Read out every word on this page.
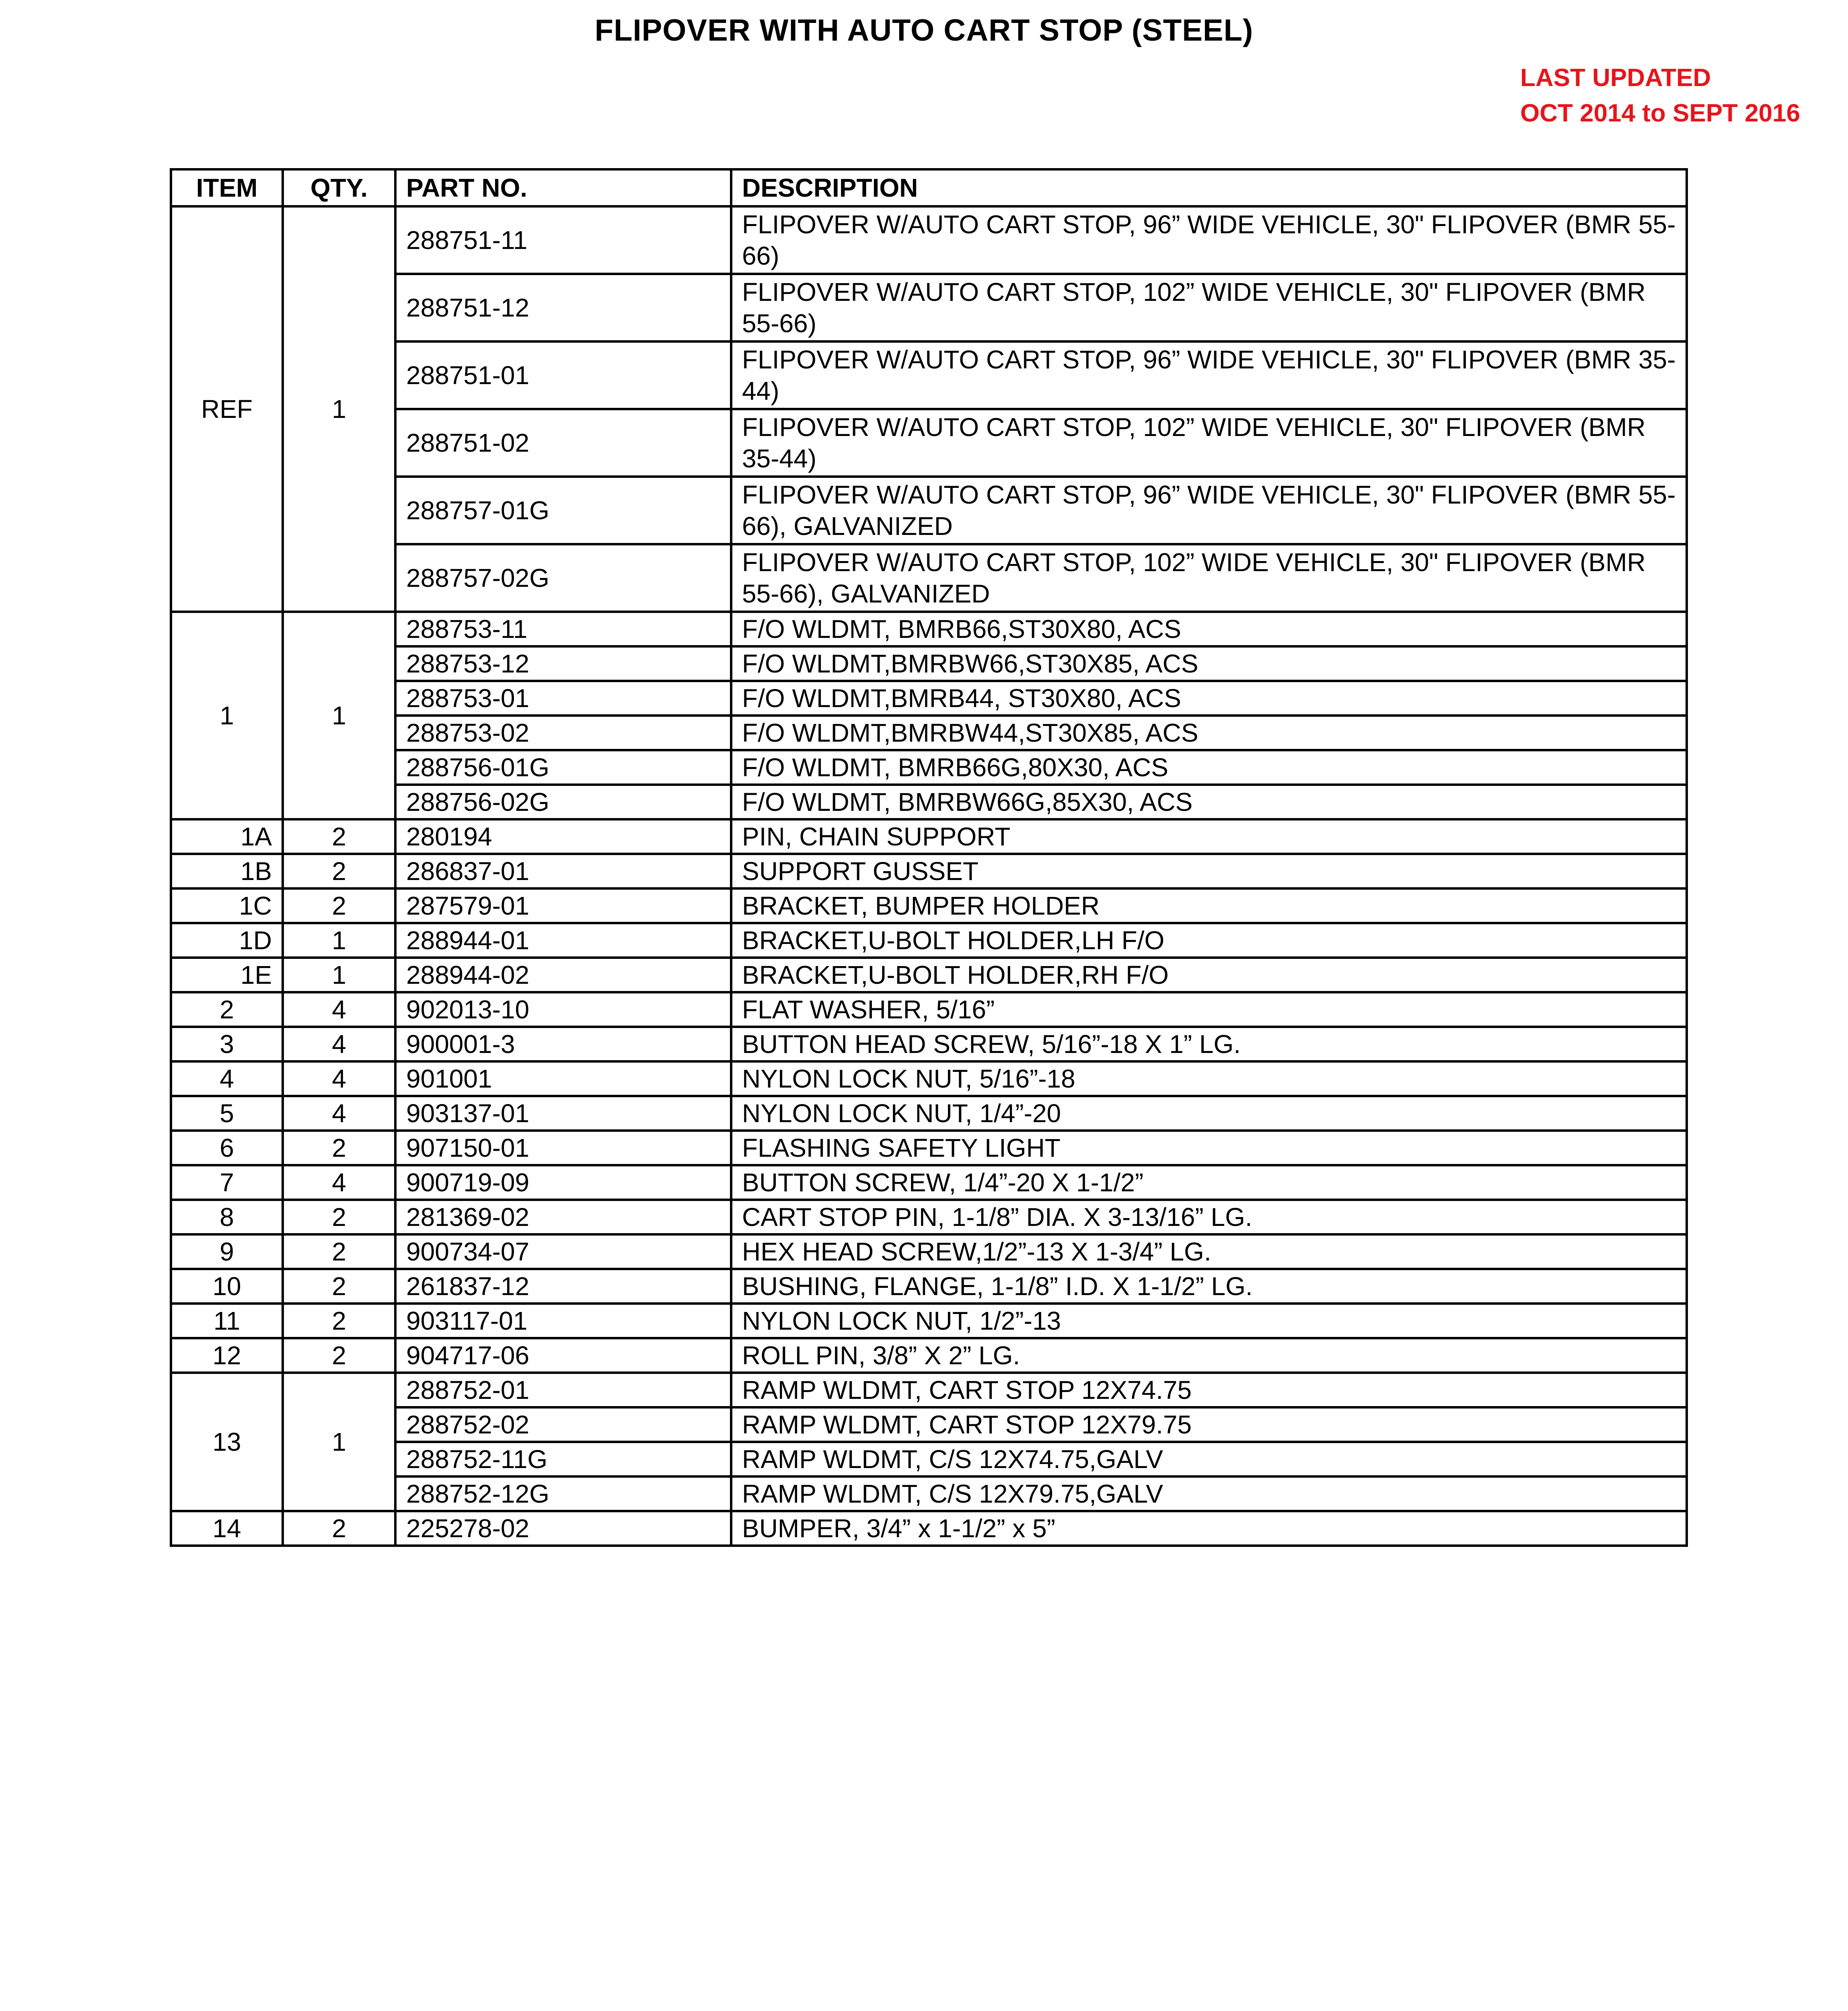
FLIPOVER WITH AUTO CART STOP (STEEL)
LAST UPDATED
OCT 2014 to SEPT 2016
ITEM	QTY.	PART NO.	DESCRIPTION
REF	1	288751-11	FLIPOVER W/AUTO CART STOP, 96” WIDE VEHICLE, 30" FLIPOVER (BMR 55-66)
		288751-12	FLIPOVER W/AUTO CART STOP, 102” WIDE VEHICLE, 30" FLIPOVER (BMR 55-66)
		288751-01	FLIPOVER W/AUTO CART STOP, 96” WIDE VEHICLE, 30" FLIPOVER (BMR 35-44)
		288751-02	FLIPOVER W/AUTO CART STOP, 102” WIDE VEHICLE, 30" FLIPOVER (BMR 35-44)
		288757-01G	FLIPOVER W/AUTO CART STOP, 96” WIDE VEHICLE, 30" FLIPOVER (BMR 55-66), GALVANIZED
		288757-02G	FLIPOVER W/AUTO CART STOP, 102” WIDE VEHICLE, 30" FLIPOVER (BMR 55-66), GALVANIZED
1	1	288753-11	F/O WLDMT, BMRB66,ST30X80, ACS
		288753-12	F/O WLDMT,BMRBW66,ST30X85, ACS
		288753-01	F/O WLDMT,BMRB44, ST30X80, ACS
		288753-02	F/O WLDMT,BMRBW44,ST30X85, ACS
		288756-01G	F/O WLDMT, BMRB66G,80X30, ACS
		288756-02G	F/O WLDMT, BMRBW66G,85X30, ACS
1A	2	280194	PIN, CHAIN SUPPORT
1B	2	286837-01	SUPPORT GUSSET
1C	2	287579-01	BRACKET, BUMPER HOLDER
1D	1	288944-01	BRACKET,U-BOLT HOLDER,LH F/O
1E	1	288944-02	BRACKET,U-BOLT HOLDER,RH F/O
2	4	902013-10	FLAT WASHER, 5/16”
3	4	900001-3	BUTTON HEAD SCREW, 5/16”-18 X 1” LG.
4	4	901001	NYLON LOCK NUT, 5/16”-18
5	4	903137-01	NYLON LOCK NUT, 1/4”-20
6	2	907150-01	FLASHING SAFETY LIGHT
7	4	900719-09	BUTTON SCREW, 1/4”-20 X 1-1/2”
8	2	281369-02	CART STOP PIN, 1-1/8” DIA. X 3-13/16” LG.
9	2	900734-07	HEX HEAD SCREW,1/2”-13 X 1-3/4” LG.
10	2	261837-12	BUSHING, FLANGE, 1-1/8” I.D. X 1-1/2” LG.
11	2	903117-01	NYLON LOCK NUT, 1/2”-13
12	2	904717-06	ROLL PIN, 3/8” X 2” LG.
13	1	288752-01	RAMP WLDMT, CART STOP 12X74.75
		288752-02	RAMP WLDMT, CART STOP 12X79.75
		288752-11G	RAMP WLDMT, C/S 12X74.75,GALV
		288752-12G	RAMP WLDMT, C/S 12X79.75,GALV
14	2	225278-02	BUMPER, 3/4” x 1-1/2” x 5”
